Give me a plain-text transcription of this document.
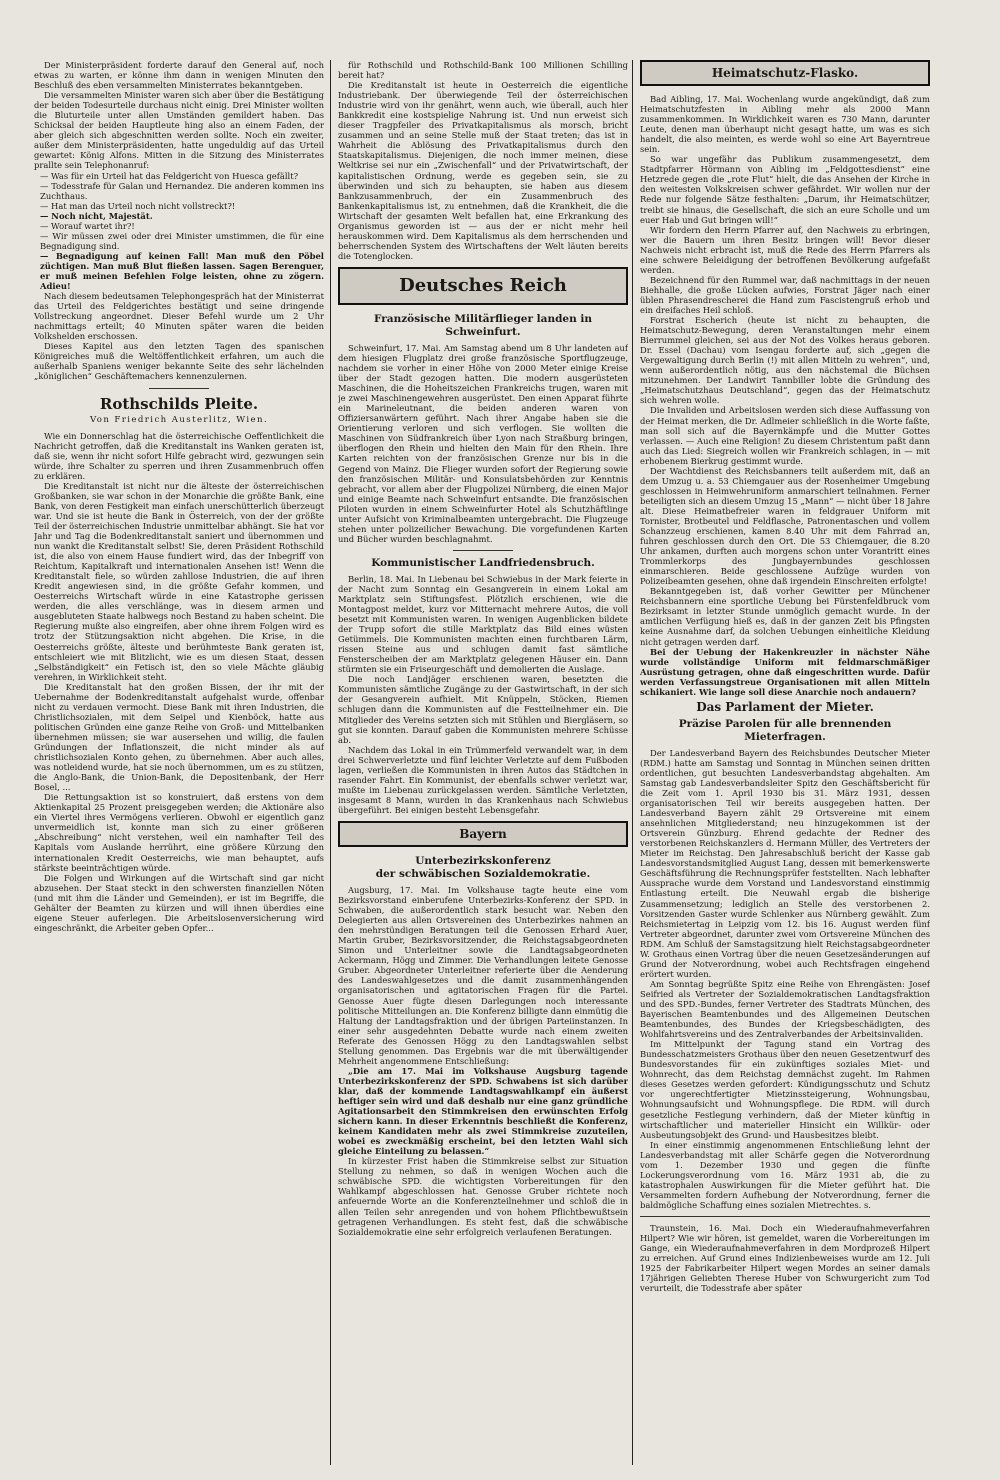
Der Ministerpräsident forderte darauf den General auf, noch etwas zu warten, er könne ihm dann in wenigen Minuten den Beschluß des eben versammelten Ministerrates bekanntgeben.

Die versammelten Minister waren sich aber über die Bestätigung der beiden Todesurteile durchaus nicht einig. Drei Minister wollten die Bluturteile unter allen Umständen gemildert haben. Das Schicksal der beiden Hauptleute hing also an einem Faden, der aber gleich sich abgeschnitten werden sollte. Noch ein zweiter, außer dem Ministerpräsidenten, hatte ungeduldig auf das Urteil gewartet: König Alfons. Mitten in die Sitzung des Ministerrates prallte sein Telephonanruf:

— Was für ein Urteil hat das Feldgericht von Huesca gefällt?

— Todesstrafe für Galan und Hernandez. Die anderen kommen ins Zuchthaus.

— Hat man das Urteil noch nicht vollstreckt?!

— Noch nicht, Majestät.

— Worauf wartet ihr?!

— Wir müssen zwei oder drei Minister umstimmen, die für eine Begnadigung sind.

— Begnadigung auf keinen Fall! Man muß den Pöbel züchtigen. Man muß Blut fließen lassen. Sagen Berenguer, er muß meinen Befehlen Folge leisten, ohne zu zögern. Adieu!

Nach diesem bedeutsamen Telephongespräch hat der Ministerrat das Urteil des Feldgerichtes bestätigt und seine dringende Vollstreckung angeordnet. Dieser Befehl wurde um 2 Uhr nachmittags erteilt; 40 Minuten später waren die beiden Volkshelden erschossen.

Dieses Kapitel aus den letzten Tagen des spanischen Königreiches muß die Weltöffentlichkeit erfahren, um auch die außerhalb Spaniens weniger bekannte Seite des sehr lächelnden „königlichen“ Geschäftemachers kennenzulernen.

Rothschilds Pleite.
Von Friedrich Austerlitz, Wien.

Wie ein Donnerschlag hat die österreichische Oeffentlichkeit die Nachricht getroffen, daß die Kreditanstalt ins Wanken geraten ist, daß sie, wenn ihr nicht sofort Hilfe gebracht wird, gezwungen sein würde, ihre Schalter zu sperren und ihren Zusammenbruch offen zu erklären.

Die Kreditanstalt ist nicht nur die älteste der österreichischen Großbanken, sie war schon in der Monarchie die größte Bank, eine Bank, von deren Festigkeit man einfach unerschütterlich überzeugt war. Und sie ist heute die Bank in Österreich, von der der größte Teil der österreichischen Industrie unmittelbar abhängt. Sie hat vor Jahr und Tag die Bodenkreditanstalt saniert und übernommen und nun wankt die Kreditanstalt selbst! Sie, deren Präsident Rothschild ist, die also von einem Hause fundiert wird, das der Inbegriff von Reichtum, Kapitalkraft und internationalen Ansehen ist! Wenn die Kreditanstalt fiele, so würden zahllose Industrien, die auf ihren Kredit angewiesen sind, in die größte Gefahr kommen, und Oesterreichs Wirtschaft würde in eine Katastrophe gerissen werden, die alles verschlänge, was in diesem armen und ausgebluteten Staate halbwegs noch Bestand zu haben scheint. Die Regierung mußte also eingreifen, aber ohne ihrem Folgen wird es trotz der Stützungsaktion nicht abgehen. Die Krise, in die Oesterreichs größte, älteste und berühmteste Bank geraten ist, entschleiert wie mit Blitzlicht, wie es um diesen Staat, dessen „Selbständigkeit“ ein Fetisch ist, den so viele Mächte gläubig verehren, in Wirklichkeit steht.

Die Kreditanstalt hat den großen Bissen, der ihr mit der Uebernahme der Bodenkreditanstalt aufgehalst wurde, offenbar nicht zu verdauen vermocht. Diese Bank mit ihren Industrien, die Christlichsozialen, mit dem Seipel und Kienböck, hatte aus politischen Gründen eine ganze Reihe von Groß- und Mittelbanken übernehmen müssen; sie war ausersehen und willig, die faulen Gründungen der Inflationszeit, die nicht minder als auf christlichsozialen Konto gehen, zu übernehmen. Aber auch alles, was notleidend wurde, hat sie noch übernommen, um es zu stützen, die Anglo-Bank, die Union-Bank, die Depositenbank, der Herr Bosel, ...

Die Rettungsaktion ist so konstruiert, daß erstens von dem Aktienkapital 25 Prozent preisgegeben werden; die Aktionäre also ein Viertel ihres Vermögens verlieren. Obwohl er eigentlich ganz unvermeidlich ist, konnte man sich zu einer größeren „Abschreibung“ nicht verstehen, weil ein namhafter Teil des Kapitals vom Auslande herrührt, eine größere Kürzung den internationalen Kredit Oesterreichs, wie man behauptet, aufs stärkste beeinträchtigen würde.

Die Folgen und Wirkungen auf die Wirtschaft sind gar nicht abzusehen. Der Staat steckt in den schwersten finanziellen Nöten (und mit ihm die Länder und Gemeinden), er ist im Begriffe, die Gehälter der Beamten zu kürzen und will ihnen überdies eine eigene Steuer auferlegen. Die Arbeitslosenversicherung wird eingeschränkt, die Arbeiter geben Opfer...

für Rothschild und Rothschild-Bank 100 Millionen Schilling bereit hat?

Die Kreditanstalt ist heute in Oesterreich die eigentliche Industriebank. Der überwiegende Teil der österreichischen Industrie wird von ihr genährt, wenn auch, wie überall, auch hier Bankkredit eine kostspielige Nahrung ist. Und nun erweist sich dieser Tragpfeiler des Privatkapitalismus als morsch, bricht zusammen und an seine Stelle muß der Staat treten; das ist in Wahrheit die Ablösung des Privatkapitalismus durch den Staatskapitalismus. Diejenigen, die noch immer meinen, diese Weltkrise sei nur ein „Zwischenfall“ und der Privatwirtschaft, der kapitalistischen Ordnung, werde es gegeben sein, sie zu überwinden und sich zu behaupten, sie haben aus diesem Bankzusammenbruch, der ein Zusammenbruch des Bankenkapitalismus ist, zu entnehmen, daß die Krankheit, die die Wirtschaft der gesamten Welt befallen hat, eine Erkrankung des Organismus geworden ist — aus der er nicht mehr heil herauskommen wird. Dem Kapitalismus als dem herrschenden und beherrschenden System des Wirtschaftens der Welt läuten bereits die Totenglocken.

Deutsches Reich
Französische Militärflieger landen in Schweinfurt.

Schweinfurt, 17. Mai. Am Samstag abend um 8 Uhr landeten auf dem hiesigen Flugplatz drei große französische Sportflugzeuge, nachdem sie vorher in einer Höhe von 2000 Meter einige Kreise über der Stadt gezogen hatten. Die modern ausgerüsteten Maschinen, die die Hoheitszeichen Frankreichs trugen, waren mit je zwei Maschinengewehren ausgerüstet. Den einen Apparat führte ein Marineleutnant, die beiden anderen waren von Offiziersanwärtern geführt. Nach ihrer Angabe haben sie die Orientierung verloren und sich verflogen. Sie wollten die Maschinen von Südfrankreich über Lyon nach Straßburg bringen, überflogen den Rhein und hielten den Main für den Rhein. Ihre Karten reichten von der französischen Grenze nur bis in die Gegend von Mainz. Die Flieger wurden sofort der Regierung sowie den französischen Militär- und Konsulatsbehörden zur Kenntnis gebracht, vor allem aber der Flugpolizei Nürnberg, die einen Major und einige Beamte nach Schweinfurt entsandte. Die französischen Piloten wurden in einem Schweinfurter Hotel als Schutzhäftlinge unter Aufsicht von Kriminalbeamten untergebracht. Die Flugzeuge stehen unter polizeilicher Bewachung. Die vorgefundenen Karten und Bücher wurden beschlagnahmt.

Kommunistischer Landfriedensbruch.

Berlin, 18. Mai. In Liebenau bei Schwiebus in der Mark feierte in der Nacht zum Sonntag ein Gesangverein in einem Lokal am Marktplatz sein Stiftungsfest. Plötzlich erschienen, wie die Montagpost meldet, kurz vor Mitternacht mehrere Autos, die voll besetzt mit Kommunisten waren. In wenigen Augenblicken bildete der Trupp sofort die stille Marktplatz das Bild eines wüsten Getümmels. Die Kommunisten machten einen furchtbaren Lärm, rissen Steine aus und schlugen damit fast sämtliche Fensterscheiben der am Marktplatz gelegenen Häuser ein. Dann stürmten sie ein Friseurgeschäft und demolierten die Auslage.

Die noch Landjäger erschienen waren, besetzten die Kommunisten sämtliche Zugänge zu der Gastwirtschaft, in der sich der Gesangverein aufhielt. Mit Knüppeln, Stöcken, Riemen schlugen dann die Kommunisten auf die Festteilnehmer ein. Die Mitglieder des Vereins setzten sich mit Stühlen und Biergläsern, so gut sie konnten. Darauf gaben die Kommunisten mehrere Schüsse ab.

Nachdem das Lokal in ein Trümmerfeld verwandelt war, in dem drei Schwerverletzte und fünf leichter Verletzte auf dem Fußboden lagen, verließen die Kommunisten in ihren Autos das Städtchen in rasender Fahrt. Ein Kommunist, der ebenfalls schwer verletzt war, mußte im Liebenau zurückgelassen werden. Sämtliche Verletzten, insgesamt 8 Mann, wurden in das Krankenhaus nach Schwiebus übergeführt. Bei einigen besteht Lebensgefahr.

Bayern
Unterbezirkskonferenz
der schwäbischen Sozialdemokratie.

Augsburg, 17. Mai. Im Volkshause tagte heute eine vom Bezirksvorstand einberufene Unterbezirks-Konferenz der SPD. in Schwaben, die außerordentlich stark besucht war. Neben den Delegierten aus allen Ortsvereinen des Unterbezirkes nahmen an den mehrstündigen Beratungen teil die Genossen Erhard Auer, Martin Gruber, Bezirksvorsitzender, die Reichstagsabgeordneten Simon und Unterleitner sowie die Landtagsabgeordneten Ackermann, Högg und Zimmer. Die Verhandlungen leitete Genosse Gruber. Abgeordneter Unterleitner referierte über die Aenderung des Landeswahlgesetzes und die damit zusammenhängenden organisatorischen und agitatorischen Fragen für die Partei. Genosse Auer fügte diesen Darlegungen noch interessante politische Mitteilungen an. Die Konferenz billigte dann einmütig die Haltung der Landtagsfraktion und der übrigen Parteiinstanzen. In einer sehr ausgedehnten Debatte wurde nach einem zweiten Referate des Genossen Högg zu den Landtagswahlen selbst Stellung genommen. Das Ergebnis war die mit überwältigender Mehrheit angenommene Entschließung:

„Die am 17. Mai im Volkshause Augsburg tagende Unterbezirkskonferenz der SPD. Schwabens ist sich darüber klar, daß der kommende Landtagswahlkampf ein äußerst heftiger sein wird und daß deshalb nur eine ganz gründliche Agitationsarbeit den Stimmkreisen den erwünschten Erfolg sichern kann. In dieser Erkenntnis beschließt die Konferenz, keinem Kandidaten mehr als zwei Stimmkreise zuzuteilen, wobei es zweckmäßig erscheint, bei den letzten Wahl sich gleiche Einteilung zu belassen.“

In kürzester Frist haben die Stimmkreise selbst zur Situation Stellung zu nehmen, so daß in wenigen Wochen auch die schwäbische SPD. die wichtigsten Vorbereitungen für den Wahlkampf abgeschlossen hat. Genosse Gruber richtete noch anfeuernde Worte an die Konferenzteilnehmer und schloß die in allen Teilen sehr anregenden und von hohem Pflichtbewußtsein getragenen Verhandlungen. Es steht fest, daß die schwäbische Sozialdemokratie eine sehr erfolgreich verlaufenen Beratungen.

Heimatschutz-Flasko.

Bad Aibling, 17. Mai. Wochenlang wurde angekündigt, daß zum Heimatschutzfesten in Aibling mehr als 2000 Mann zusammenkommen. In Wirklichkeit waren es 730 Mann, darunter Leute, denen man überhaupt nicht gesagt hatte, um was es sich handelt, die also meinten, es werde wohl so eine Art Bayerntreue sein.

So war ungefähr das Publikum zusammengesetzt, dem Stadtpfarrer Hörmann von Aibling im „Feldgottesdienst“ eine Hetzrede gegen die „rote Flut“ hielt, die das Ansehen der Kirche in den weitesten Volkskreisen schwer gefährdet. Wir wollen nur der Rede nur folgende Sätze festhalten: „Darum, ihr Heimatschützer, treibt sie hinaus, die Gesellschaft, die sich an eure Scholle und um euer Hab und Gut bringen will!“

Wir fordern den Herrn Pfarrer auf, den Nachweis zu erbringen, wer die Bauern um ihren Besitz bringen will! Bevor dieser Nachweis nicht erbracht ist, muß die Rede des Herrn Pfarrers als eine schwere Beleidigung der betroffenen Bevölkerung aufgefaßt werden.

Bezeichnend für den Rummel war, daß nachmittags in der neuen Biehhalle, die große Lücken aufwies, Forstrat Jäger nach einer üblen Phrasendrescherei die Hand zum Fascistengruß erhob und ein dreifaches Heil schloß.

Forstrat Escherich (heute ist nicht zu behaupten, die Heimatschutz-Bewegung, deren Veranstaltungen mehr einem Bierrummel gleichen, sei aus der Not des Volkes heraus geboren. Dr. Essel (Dachau) vom Isengau forderte auf, sich „gegen die Vergewaltigung durch Berlin (!) mit allen Mitteln zu wehren“, und, wenn außerordentlich nötig, aus den nächstemal die Büchsen mitzunehmen. Der Landwirt Tannbiller lobte die Gründung des „Heimatschutzhaus Deutschland“, gegen das der Heimatschutz sich wehren wolle.

Die Invaliden und Arbeitslosen werden sich diese Auffassung von der Heimat merken, die Dr. Adlmeier schließlich in die Worte faßte, man soll sich auf die Bayernkämpfe und die Mutter Gottes verlassen. — Auch eine Religion! Zu diesem Christentum paßt dann auch das Lied: Siegreich wollen wir Frankreich schlagen, in — mit erhobenem Bierkrug gestimmt wurde.

Der Wachtdienst des Reichsbanners teilt außerdem mit, daß an dem Umzug u. a. 53 Chiemgauer aus der Rosenheimer Umgebung geschlossen in Heimwehruniform anmarschiert teilnahmen. Ferner beteiligten sich an diesem Umzug 15 „Mann“ — nicht über 18 Jahre alt. Diese Heimatbefreier waren in feldgrauer Uniform mit Tornister, Brotbeutel und Feldflasche, Patronentaschen und vollem Schanzzeug erschienen, kamen 8.40 Uhr mit dem Fahrrad an, fuhren geschlossen durch den Ort. Die 53 Chiemgauer, die 8.20 Uhr ankamen, durften auch morgens schon unter Vorantritt eines Trommlerkorps des Jungbayernbundes geschlossen einmarschieren. Beide geschlossene Aufzüge wurden von Polizeibeamten gesehen, ohne daß irgendein Einschreiten erfolgte!

Bekanntgegeben ist, daß vorher Gewitter per Münchener Reichsbannern eine sportliche Uebung bei Fürstenfeldbruck vom Bezirksamt in letzter Stunde unmöglich gemacht wurde. In der amtlichen Verfügung hieß es, daß in der ganzen Zeit bis Pfingsten keine Ausnahme darf, da solchen Uebungen einheitliche Kleidung nicht getragen werden darf.

Bei der Uebung der Hakenkreuzler in nächster Nähe wurde vollständige Uniform mit feldmarschmäßiger Ausrüstung getragen, ohne daß eingeschritten wurde. Dafür werden Verfassungstreue Organisationen mit allen Mitteln schikaniert. Wie lange soll diese Anarchie noch andauern?

Das Parlament der Mieter.
Präzise Parolen für alle brennenden Mieterfragen.

Der Landesverband Bayern des Reichsbundes Deutscher Mieter (RDM.) hatte am Samstag und Sonntag in München seinen dritten ordentlichen, gut besuchten Landesverbandstag abgehalten. Am Samstag gab Landesverbandsleiter Spitz den Geschäftsbericht für die Zeit vom 1. April 1930 bis 31. März 1931, dessen organisatorischen Teil wir bereits ausgegeben hatten. Der Landesverband Bayern zählt 29 Ortsvereine mit einem ansehnlichen Mitgliederstand; neu hinzugekommen ist der Ortsverein Günzburg. Ehrend gedachte der Redner des verstorbenen Reichskanzlers d. Hermann Müller, des Vertreters der Mieter im Reichstag. Den Jahresabschluß bericht der Kasse gab Landesvorstandsmitglied August Lang, dessen mit bemerkenswerte Geschäftsführung die Rechnungsprüfer feststellten. Nach lebhafter Aussprache wurde dem Vorstand und Landesvorstand einstimmig Entlastung erteilt. Die Neuwahl ergab die bisherige Zusammensetzung; lediglich an Stelle des verstorbenen 2. Vorsitzenden Gaster wurde Schlenker aus Nürnberg gewählt. Zum Reichsmietertag in Leipzig vom 12. bis 16. August werden fünf Vertreter abgeordnet, darunter zwei vom Ortsvereine München des RDM. Am Schluß der Samstagsitzung hielt Reichstagsabgeordneter W. Grothaus einen Vortrag über die neuen Gesetzesänderungen auf Grund der Notverordnung, wobei auch Rechtsfragen eingehend erörtert wurden.

Am Sonntag begrüßte Spitz eine Reihe von Ehrengästen: Josef Seifried als Vertreter der Sozialdemokratischen Landtagsfraktion und des SPD.-Bundes, ferner Vertreter des Stadtrats München, des Bayerischen Beamtenbundes und des Allgemeinen Deutschen Beamtenbundes, des Bundes der Kriegsbeschädigten, des Wohlfahrtsvereins und des Zentralverbandes der Arbeitsinvaliden.

Im Mittelpunkt der Tagung stand ein Vortrag des Bundesschatzmeisters Grothaus über den neuen Gesetzentwurf des Bundesvorstandes für ein zukünftiges soziales Miet- und Wohnrecht, das dem Reichstag demnächst zugeht. Im Rahmen dieses Gesetzes werden gefordert: Kündigungsschutz und Schutz vor ungerechtfertigter Mietzinssteigerung, Wohnungsbau, Wohnungsaufsicht und Wohnungspflege. Die RDM. will durch gesetzliche Festlegung verhindern, daß der Mieter künftig in wirtschaftlicher und materieller Hinsicht ein Willkür- oder Ausbeutungsobjekt des Grund- und Hausbesitzes bleibt.

In einer einstimmig angenommenen Entschließung lehnt der Landesverbandstag mit aller Schärfe gegen die Notverordnung vom 1. Dezember 1930 und gegen die fünfte Lockerungsverordnung vom 16. März 1931 ab, die zu katastrophalen Auswirkungen für die Mieter geführt hat. Die Versammelten fordern Aufhebung der Notverordnung, ferner die baldmögliche Schaffung eines sozialen Mietrechtes. s.

Traunstein, 16. Mai. Doch ein Wiederaufnahmeverfahren Hilpert? Wie wir hören, ist gemeldet, waren die Vorbereitungen im Gange, ein Wiederaufnahmeverfahren in dem Mordprozeß Hilpert zu erreichen. Auf Grund eines Indizienbeweises wurde am 12. Juli 1925 der Fabrikarbeiter Hilpert wegen Mordes an seiner damals 17jährigen Geliebten Therese Huber von Schwurgericht zum Tod verurteilt, die Todesstrafe aber später
